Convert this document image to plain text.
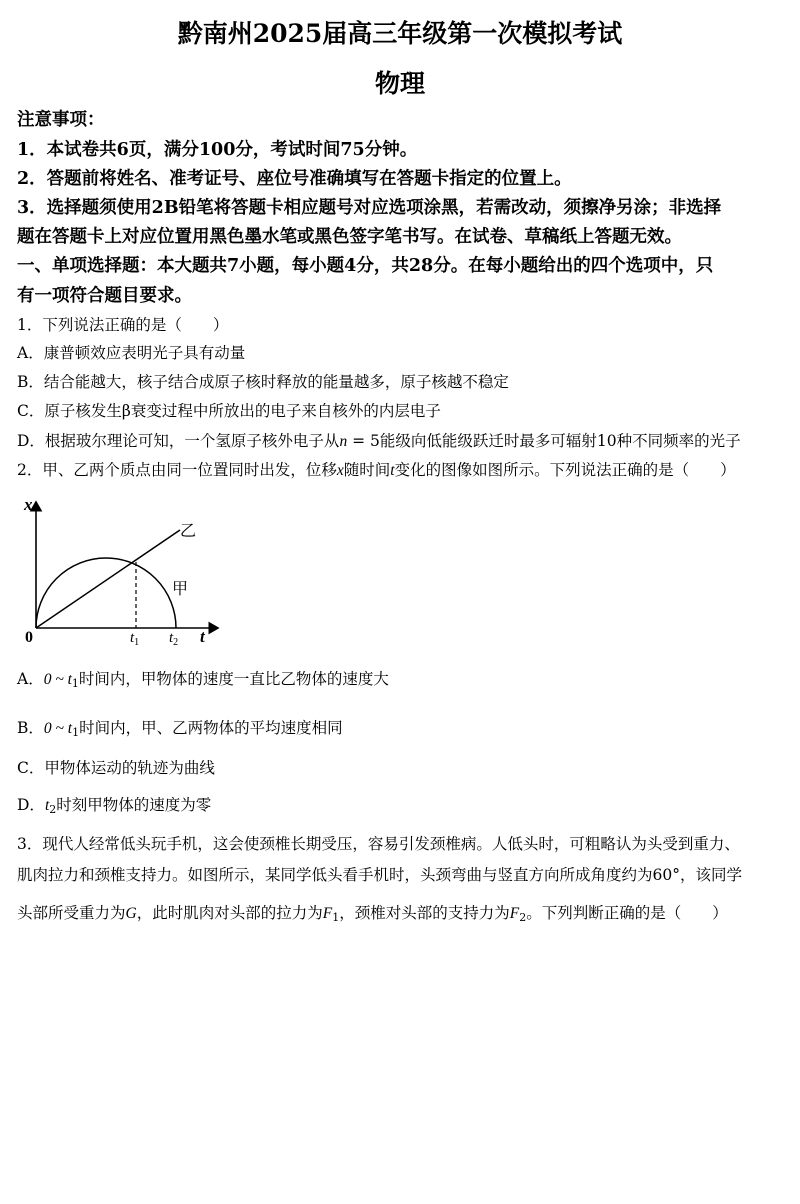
黔南州2025届高三年级第一次模拟考试
物理
注意事项：
1．本试卷共6页，满分100分，考试时间75分钟。
2．答题前将姓名、准考证号、座位号准确填写在答题卡指定的位置上。
3．选择题须使用2B铅笔将答题卡相应题号对应选项涂黑，若需改动，须擦净另涂；非选择
题在答题卡上对应位置用黑色墨水笔或黑色签字笔书写。在试卷、草稿纸上答题无效。
一、单项选择题：本大题共7小题，每小题4分，共28分。在每小题给出的四个选项中，只
有一项符合题目要求。
1．下列说法正确的是（　　）
A．康普顿效应表明光子具有动量
B．结合能越大，核子结合成原子核时释放的能量越多，原子核越不稳定
C．原子核发生β衰变过程中所放出的电子来自核外的内层电子
D．根据玻尔理论可知，一个氢原子核外电子从n = 5能级向低能级跃迁时最多可辐射10种不同频率的光子
2．甲、乙两个质点由同一位置同时出发，位移x随时间t变化的图像如图所示。下列说法正确的是（　　）
x
t
0
乙
甲
$t_1$ $t_2$
A．0 ~ $t_1$时间内，甲物体的速度一直比乙物体的速度大
B．0 ~ $t_1$时间内，甲、乙两物体的平均速度相同
C．甲物体运动的轨迹为曲线
D．$t_2$时刻甲物体的速度为零
3．现代人经常低头玩手机，这会使颈椎长期受压，容易引发颈椎病。人低头时，可粗略认为头受到重力、
肌肉拉力和颈椎支持力。如图所示，某同学低头看手机时，头颈弯曲与竖直方向所成角度约为60°，该同学
头部所受重力为G，此时肌肉对头部的拉力为$F_1$，颈椎对头部的支持力为$F_2$。下列判断正确的是（　　）
